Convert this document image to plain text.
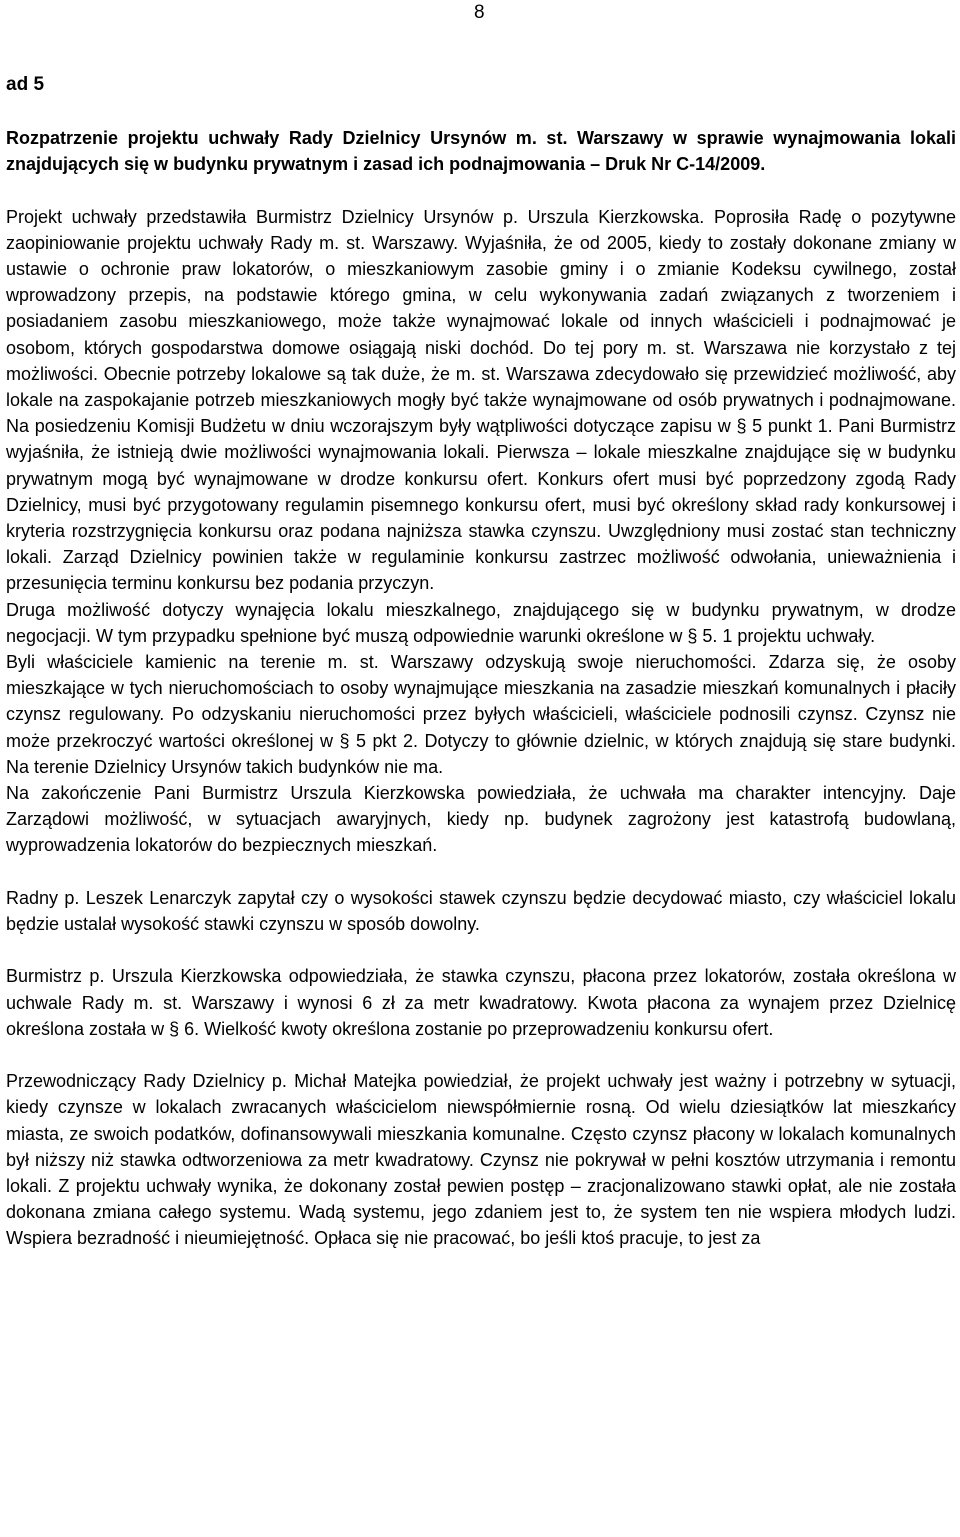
8
ad 5

Rozpatrzenie projektu uchwały Rady Dzielnicy Ursynów m. st. Warszawy w sprawie wynajmowania lokali znajdujących się w budynku prywatnym i zasad ich podnajmowania – Druk Nr C-14/2009.

Projekt uchwały przedstawiła Burmistrz Dzielnicy Ursynów p. Urszula Kierzkowska. Poprosiła Radę o pozytywne zaopiniowanie projektu uchwały Rady m. st. Warszawy. Wyjaśniła, że od 2005, kiedy to zostały dokonane zmiany w ustawie o ochronie praw lokatorów, o mieszkaniowym zasobie gminy i o zmianie Kodeksu cywilnego, został wprowadzony przepis, na podstawie którego gmina, w celu wykonywania zadań związanych z tworzeniem i posiadaniem zasobu mieszkaniowego, może także wynajmować lokale od innych właścicieli i podnajmować je osobom, których gospodarstwa domowe osiągają niski dochód. Do tej pory m. st. Warszawa nie korzystało z tej możliwości. Obecnie potrzeby lokalowe są tak duże, że m. st. Warszawa zdecydowało się przewidzieć możliwość, aby lokale na zaspokajanie potrzeb mieszkaniowych mogły być także wynajmowane od osób prywatnych i podnajmowane. Na posiedzeniu Komisji Budżetu w dniu wczorajszym były wątpliwości dotyczące zapisu w § 5 punkt 1. Pani Burmistrz wyjaśniła, że istnieją dwie możliwości wynajmowania lokali. Pierwsza – lokale mieszkalne znajdujące się w budynku prywatnym mogą być wynajmowane w drodze konkursu ofert. Konkurs ofert musi być poprzedzony zgodą Rady Dzielnicy, musi być przygotowany regulamin pisemnego konkursu ofert, musi być określony skład rady konkursowej i kryteria rozstrzygnięcia konkursu oraz podana najniższa stawka czynszu. Uwzględniony musi zostać stan techniczny lokali. Zarząd Dzielnicy powinien także w regulaminie konkursu zastrzec możliwość odwołania, unieważnienia i przesunięcia terminu konkursu bez podania przyczyn.

Druga możliwość dotyczy wynajęcia lokalu mieszkalnego, znajdującego się w budynku prywatnym, w drodze negocjacji. W tym przypadku spełnione być muszą odpowiednie warunki określone w § 5. 1 projektu uchwały.

Byli właściciele kamienic na terenie m. st. Warszawy odzyskują swoje nieruchomości. Zdarza się, że osoby mieszkające w tych nieruchomościach to osoby wynajmujące mieszkania na zasadzie mieszkań komunalnych i płaciły czynsz regulowany. Po odzyskaniu nieruchomości przez byłych właścicieli, właściciele podnosili czynsz. Czynsz nie może przekroczyć wartości określonej w § 5 pkt 2. Dotyczy to głównie dzielnic, w których znajdują się stare budynki. Na terenie Dzielnicy Ursynów takich budynków nie ma.

Na zakończenie Pani Burmistrz Urszula Kierzkowska powiedziała, że uchwała ma charakter intencyjny. Daje Zarządowi możliwość, w sytuacjach awaryjnych, kiedy np. budynek zagrożony jest katastrofą budowlaną, wyprowadzenia lokatorów do bezpiecznych mieszkań.

Radny p. Leszek Lenarczyk zapytał czy o wysokości stawek czynszu będzie decydować miasto, czy właściciel lokalu będzie ustalał wysokość stawki czynszu w sposób dowolny.

Burmistrz p. Urszula Kierzkowska odpowiedziała, że stawka czynszu, płacona przez lokatorów, została określona w uchwale Rady m. st. Warszawy i wynosi 6 zł za metr kwadratowy. Kwota płacona za wynajem przez Dzielnicę określona została w § 6. Wielkość kwoty określona zostanie po przeprowadzeniu konkursu ofert.

Przewodniczący Rady Dzielnicy p. Michał Matejka powiedział, że projekt uchwały jest ważny i potrzebny w sytuacji, kiedy czynsze w lokalach zwracanych właścicielom niewspółmiernie rosną. Od wielu dziesiątków lat mieszkańcy miasta, ze swoich podatków, dofinansowywali mieszkania komunalne. Często czynsz płacony w lokalach komunalnych był niższy niż stawka odtworzeniowa za metr kwadratowy. Czynsz nie pokrywał w pełni kosztów utrzymania i remontu lokali. Z projektu uchwały wynika, że dokonany został pewien postęp – zracjonalizowano stawki opłat, ale nie została dokonana zmiana całego systemu. Wadą systemu, jego zdaniem jest to, że system ten nie wspiera młodych ludzi. Wspiera bezradność i nieumiejętność. Opłaca się nie pracować, bo jeśli ktoś pracuje, to jest za
